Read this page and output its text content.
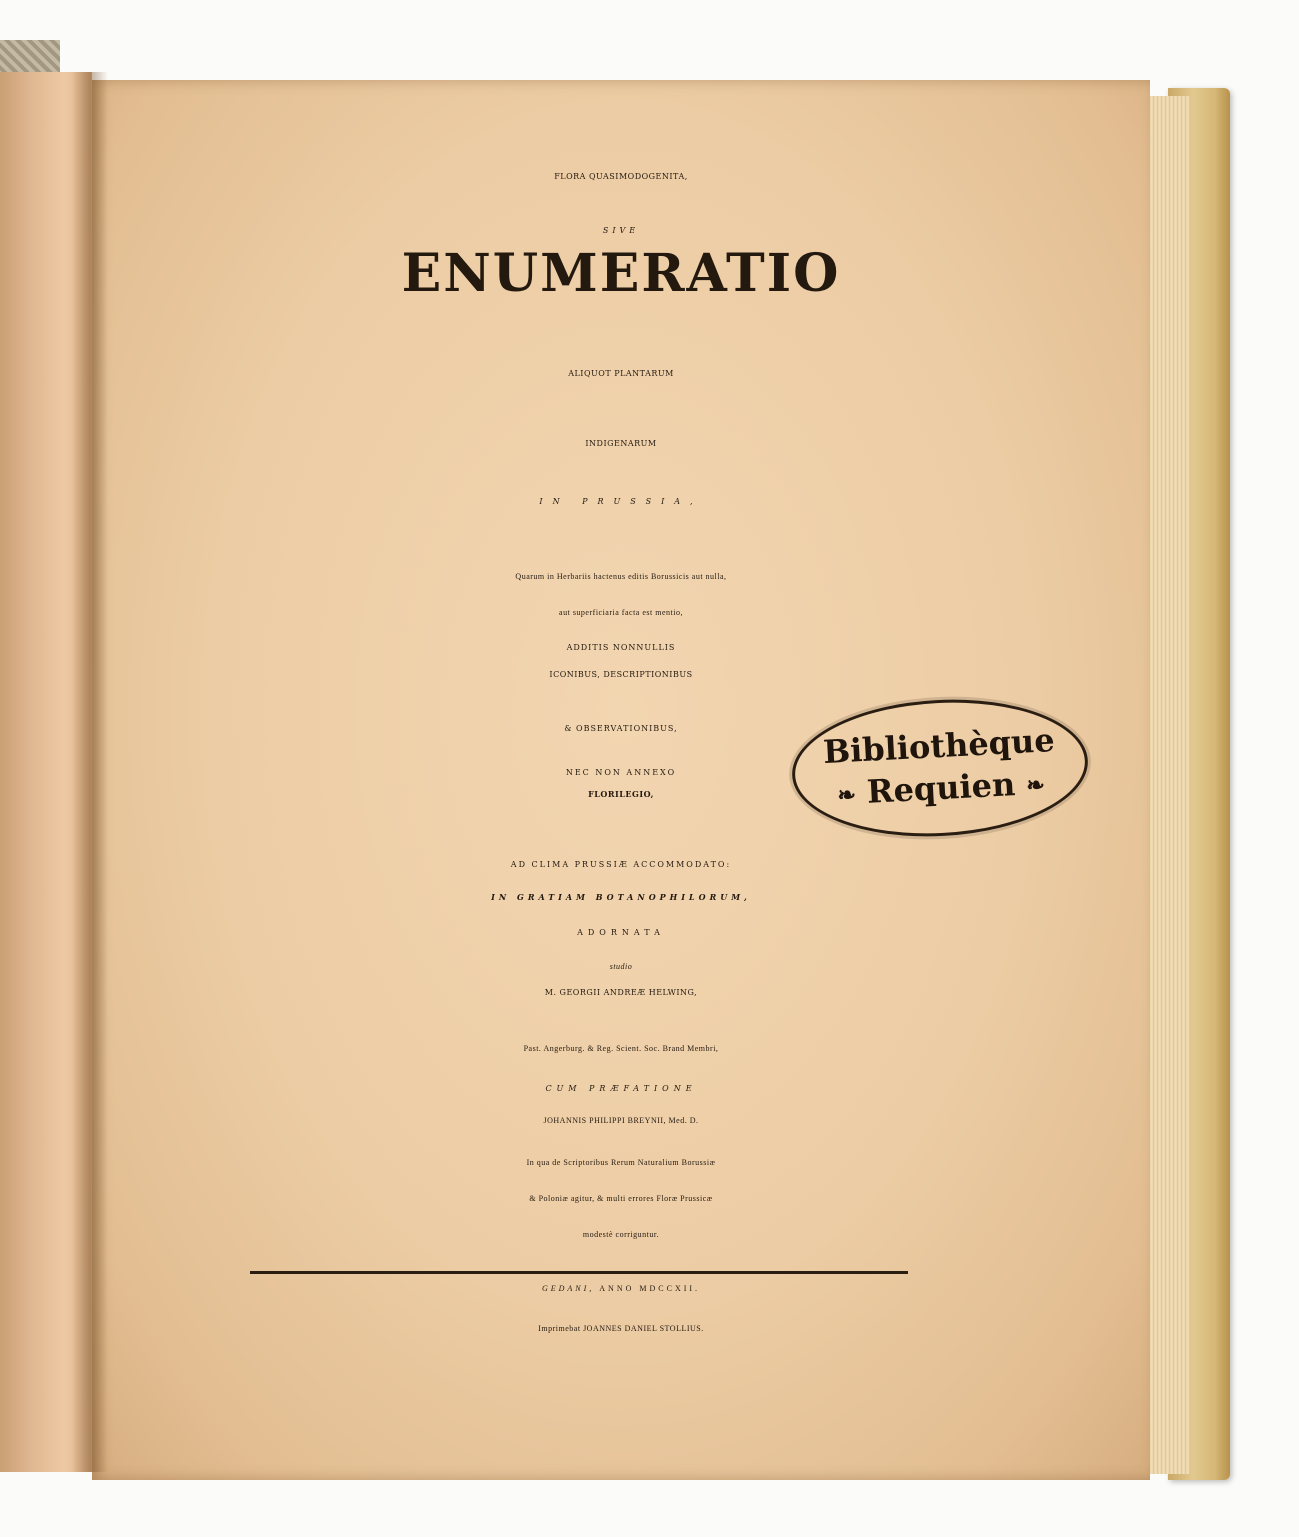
FLORA QUASIMODOGENITA,
SIVE
ENUMERATIO
ALIQUOT PLANTARUM
INDIGENARUM
IN PRUSSIA,
Quarum in Herbariis hactenus editis Borussicis aut nulla,
aut superficiaria facta est mentio,
ADDITIS NONNULLIS
ICONIBUS, DESCRIPTIONIBUS
& OBSERVATIONIBUS,
NEC NON ANNEXO
FLORILEGIO,
AD CLIMA PRUSSIÆ ACCOMMODATO:
IN GRATIAM BOTANOPHILORUM,
ADORNATA
studio
M. GEORGII ANDREÆ HELWING,
Past. Angerburg. & Reg. Scient. Soc. Brand Membri,
CUM PRÆFATIONE
JOHANNIS PHILIPPI BREYNII, Med. D.
In qua de Scriptoribus Rerum Naturalium Borussiæ
& Poloniæ agitur, & multi errores Floræ Prussicæ
modestè corriguntur.
GEDANI, ANNO MDCCXII.
Imprimebat JOANNES DANIEL STOLLIUS.
Bibliothèque
❧ Requien ❧
